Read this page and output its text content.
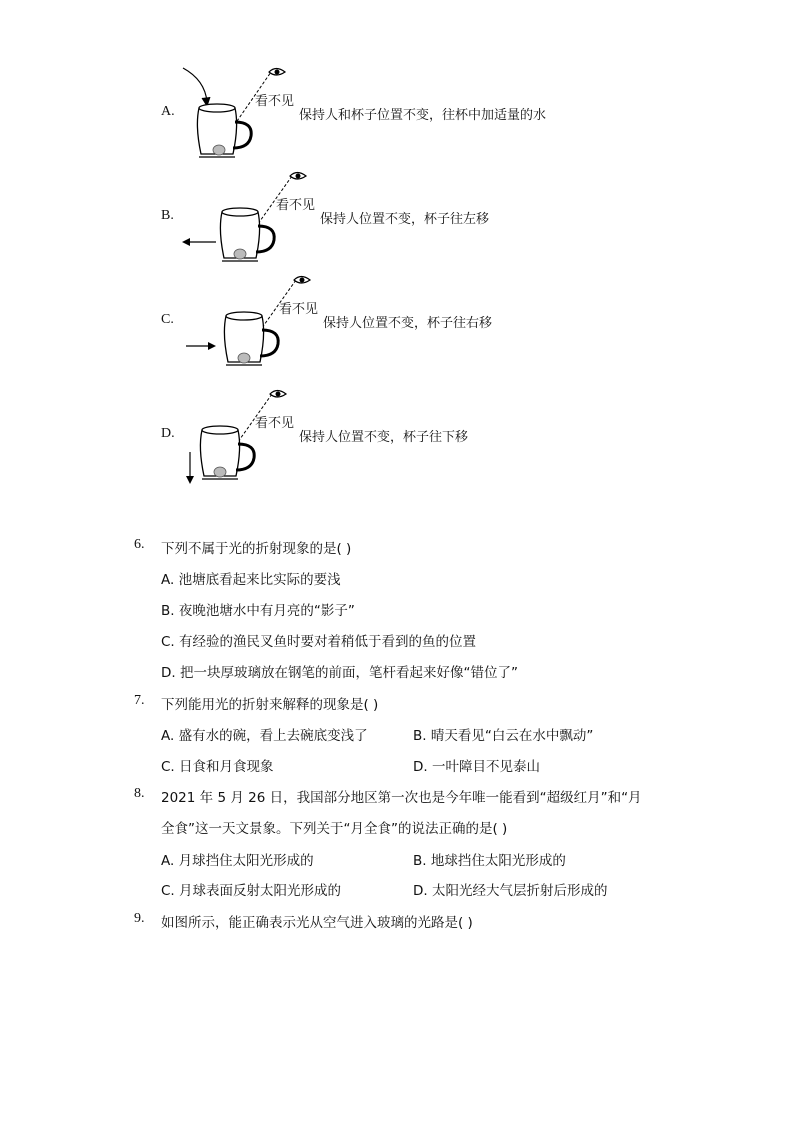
A.
看不见
保持人和杯子位置不变，往杯中加适量的水
B.
看不见
保持人位置不变，杯子往左移
C.
看不见
保持人位置不变，杯子往右移
D.
看不见
保持人位置不变，杯子往下移
6. 下列不属于光的折射现象的是( )
A. 池塘底看起来比实际的要浅
B. 夜晚池塘水中有月亮的“影子”
C. 有经验的渔民叉鱼时要对着稍低于看到的鱼的位置
D. 把一块厚玻璃放在钢笔的前面，笔杆看起来好像“错位了”
7. 下列能用光的折射来解释的现象是( )
A. 盛有水的碗，看上去碗底变浅了	B. 晴天看见“白云在水中飘动”
C. 日食和月食现象	D. 一叶障目不见泰山
8. 2021 年 5 月 26 日，我国部分地区第一次也是今年唯一能看到“超级红月”和“月
全食”这一天文景象。下列关于“月全食”的说法正确的是( )
A. 月球挡住太阳光形成的	B. 地球挡住太阳光形成的
C. 月球表面反射太阳光形成的	D. 太阳光经大气层折射后形成的
9. 如图所示，能正确表示光从空气进入玻璃的光路是( )
